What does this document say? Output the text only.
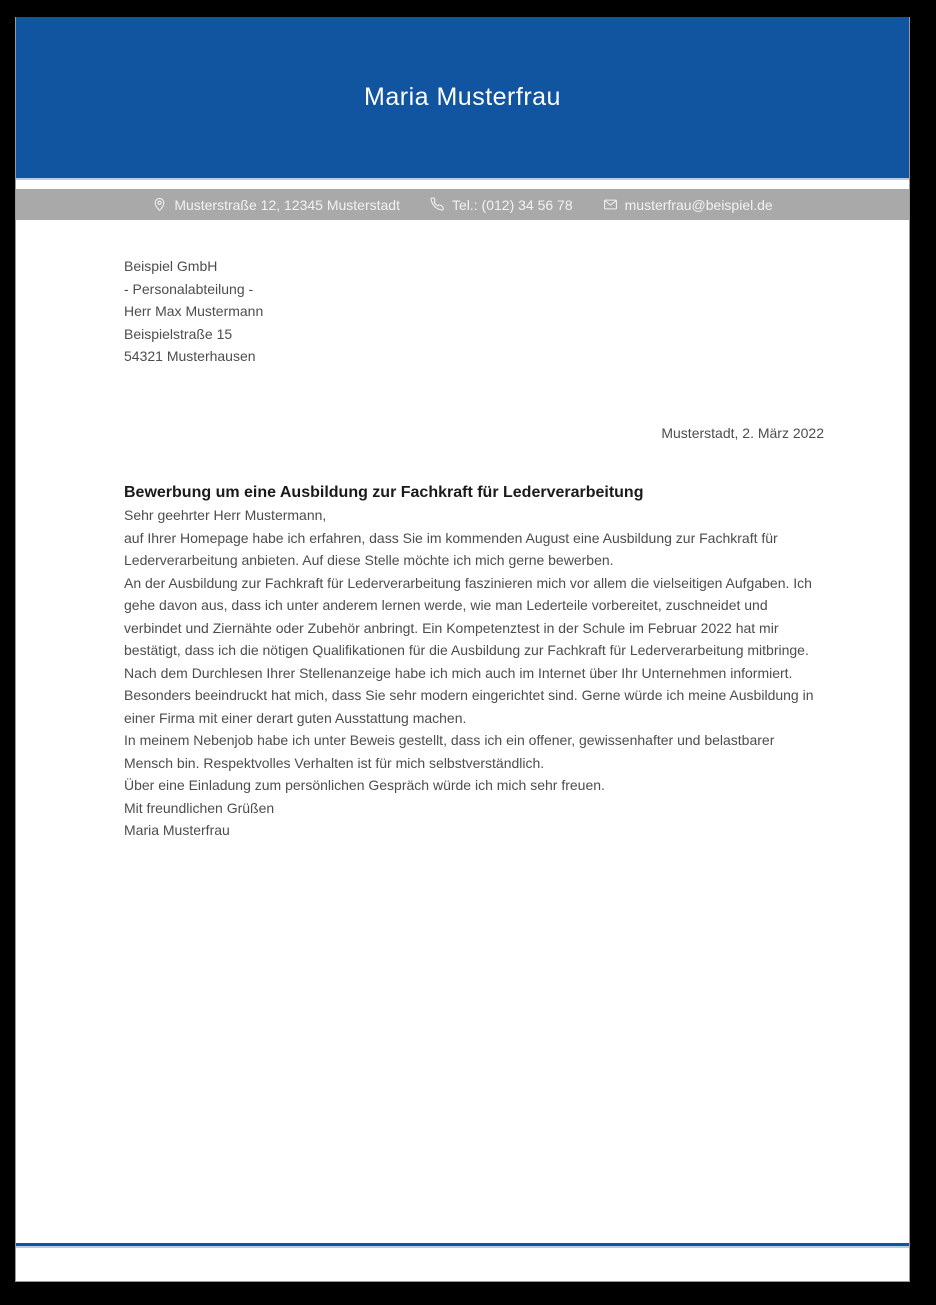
Maria Musterfrau
Musterstraße 12, 12345 Musterstadt	Tel.: (012) 34 56 78	musterfrau@beispiel.de
Beispiel GmbH
- Personalabteilung -
Herr Max Mustermann
Beispielstraße 15
54321 Musterhausen
Musterstadt, 2. März 2022
Bewerbung um eine Ausbildung zur Fachkraft für Lederverarbeitung

Sehr geehrter Herr Mustermann,

auf Ihrer Homepage habe ich erfahren, dass Sie im kommenden August eine Ausbildung zur Fachkraft für Lederverarbeitung anbieten. Auf diese Stelle möchte ich mich gerne bewerben.

An der Ausbildung zur Fachkraft für Lederverarbeitung faszinieren mich vor allem die vielseitigen Aufgaben. Ich gehe davon aus, dass ich unter anderem lernen werde, wie man Lederteile vorbereitet, zuschneidet und verbindet und Ziernähte oder Zubehör anbringt. Ein Kompetenztest in der Schule im Februar 2022 hat mir bestätigt, dass ich die nötigen Qualifikationen für die Ausbildung zur Fachkraft für Lederverarbeitung mitbringe.

Nach dem Durchlesen Ihrer Stellenanzeige habe ich mich auch im Internet über Ihr Unternehmen informiert. Besonders beeindruckt hat mich, dass Sie sehr modern eingerichtet sind. Gerne würde ich meine Ausbildung in einer Firma mit einer derart guten Ausstattung machen.

In meinem Nebenjob habe ich unter Beweis gestellt, dass ich ein offener, gewissenhafter und belastbarer Mensch bin. Respektvolles Verhalten ist für mich selbstverständlich.

Über eine Einladung zum persönlichen Gespräch würde ich mich sehr freuen.

Mit freundlichen Grüßen

Maria Musterfrau
